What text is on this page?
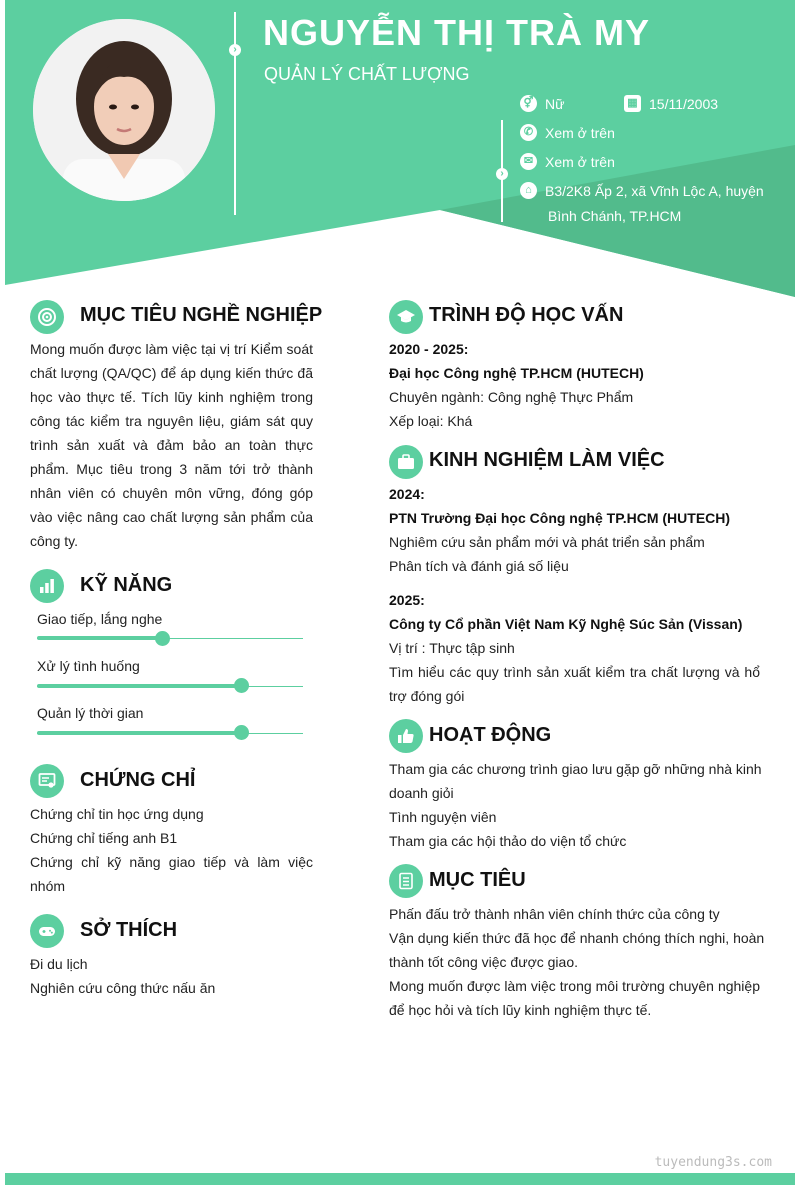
›
›
NGUYỄN THỊ TRÀ MY
QUẢN LÝ CHẤT LƯỢNG
⚥ Nữ	▦ 15/11/2003
✆ Xem ở trên
✉ Xem ở trên
⌂ B3/2K8 Ấp 2, xã Vĩnh Lộc A, huyện
Bình Chánh, TP.HCM
MỤC TIÊU NGHỀ NGHIỆP
Mong muốn được làm việc tại vị trí Kiểm soát
chất lượng (QA/QC) để áp dụng kiến thức đã
học vào thực tế. Tích lũy kinh nghiệm trong
công tác kiểm tra nguyên liệu, giám sát quy
trình sản xuất và đảm bảo an toàn thực
phẩm. Mục tiêu trong 3 năm tới trở thành
nhân viên có chuyên môn vững, đóng góp
vào việc nâng cao chất lượng sản phẩm của
công ty.
KỸ NĂNG
Giao tiếp, lắng nghe
Xử lý tình huống
Quản lý thời gian
CHỨNG CHỈ
Chứng chỉ tin học ứng dụng
Chứng chỉ tiếng anh B1
Chứng chỉ kỹ năng giao tiếp và làm việc
nhóm
SỞ THÍCH
Đi du lịch
Nghiên cứu công thức nấu ăn
TRÌNH ĐỘ HỌC VẤN
2020 - 2025:
Đại học Công nghệ TP.HCM (HUTECH)
Chuyên ngành: Công nghệ Thực Phẩm
Xếp loại: Khá
KINH NGHIỆM LÀM VIỆC
2024:
PTN Trường Đại học Công nghệ TP.HCM (HUTECH)
Nghiêm cứu sản phẩm mới và phát triển sản phẩm
Phân tích và đánh giá số liệu
2025:
Công ty Cổ phần Việt Nam Kỹ Nghệ Súc Sản (Vissan)
Vị trí : Thực tập sinh
Tìm hiểu các quy trình sản xuất kiểm tra chất lượng và hổ
trợ đóng gói
HOẠT ĐỘNG
Tham gia các chương trình giao lưu gặp gỡ những nhà kinh
doanh giỏi
Tình nguyện viên
Tham gia các hội thảo do viện tổ chức
MỤC TIÊU
Phấn đấu trở thành nhân viên chính thức của công ty
Vận dụng kiến thức đã học để nhanh chóng thích nghi, hoàn
thành tốt công việc được giao.
Mong muốn được làm việc trong môi trường chuyên nghiệp
để học hỏi và tích lũy kinh nghiệm thực tế.
tuyendung3s.com
